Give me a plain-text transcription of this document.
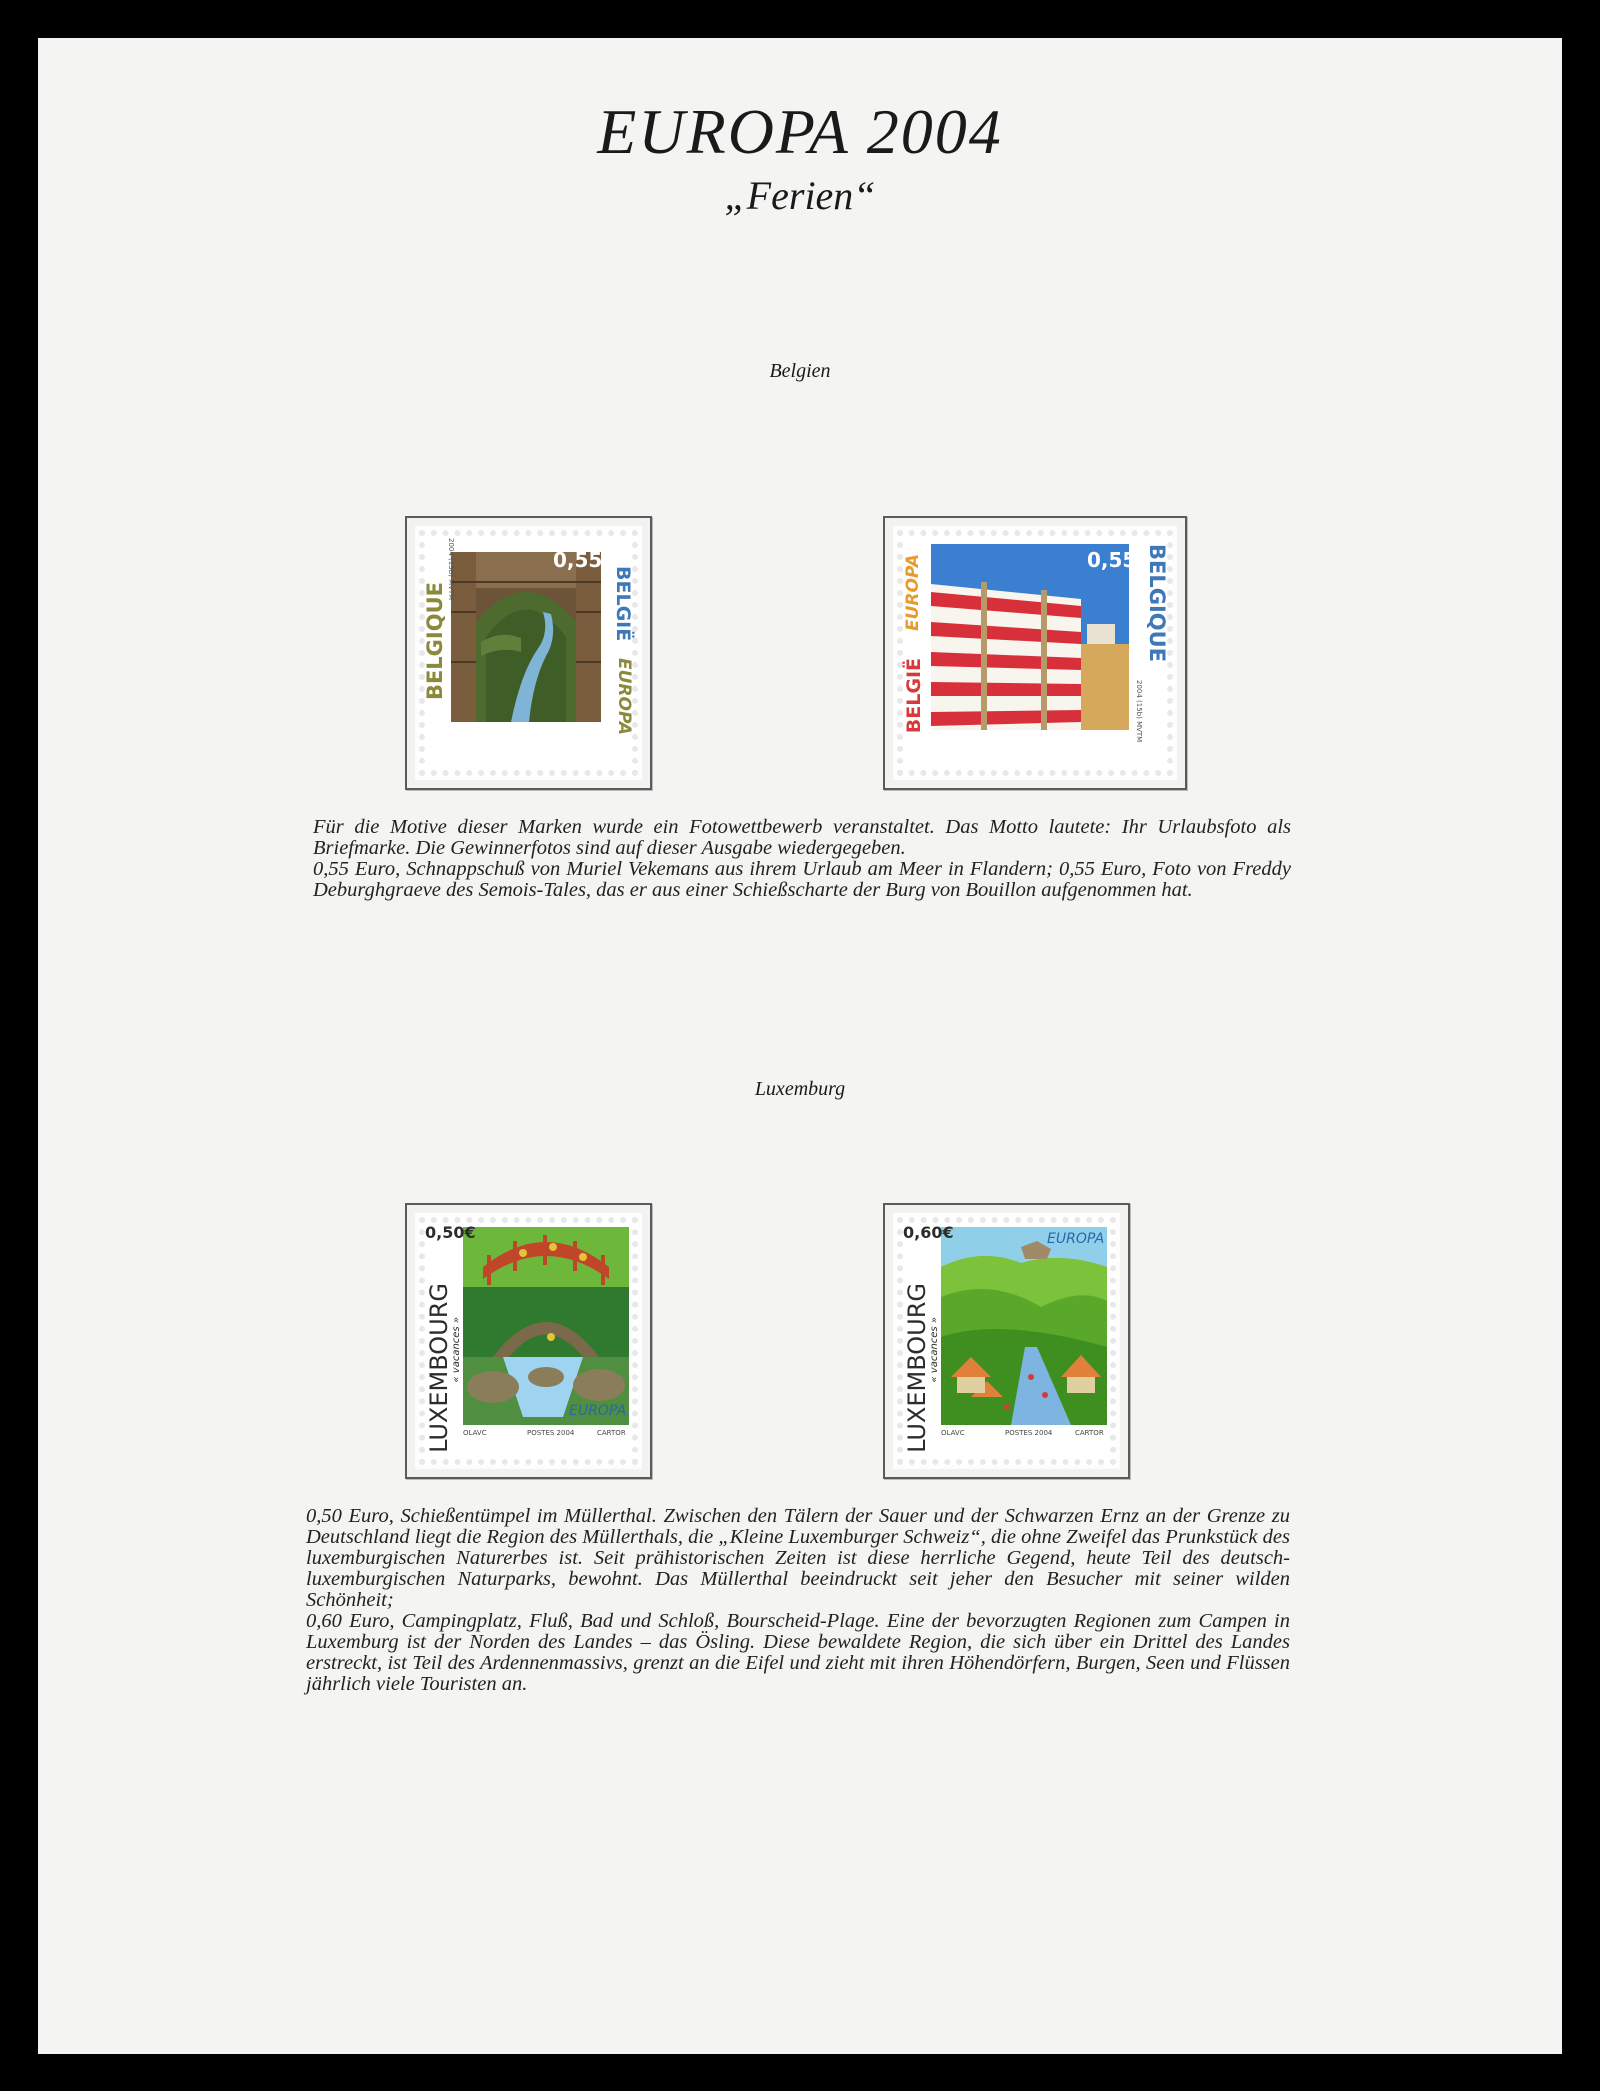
EUROPA 2004
„Ferien“
Belgien
BELGIQUE	BELGIË
EUROPA
0,55
2004 (15b) MVTM
BELGIË
EUROPA	BELGIQUE
0,55
2004 (15b) MVTM

Für die Motive dieser Marken wurde ein Fotowettbewerb veranstaltet. Das Motto lautete: Ihr Urlaubsfoto als Briefmarke. Die Gewinnerfotos sind auf dieser Ausgabe wiedergegeben.

0,55 Euro, Schnappschuß von Muriel Vekemans aus ihrem Urlaub am Meer in Flandern; 0,55 Euro, Foto von Freddy Deburghgraeve des Semois-Tales, das er aus einer Schießscharte der Burg von Bouillon aufgenommen hat.

Luxemburg
LUXEMBOURG
« vacances »
0,50€
EUROPA
OLAVC	POSTES 2004	CARTOR	LUXEMBOURG
« vacances »
0,60€	EUROPA
OLAVC	POSTES 2004	CARTOR

0,50 Euro, Schießentümpel im Müllerthal. Zwischen den Tälern der Sauer und der Schwarzen Ernz an der Grenze zu Deutschland liegt die Region des Müllerthals, die „Kleine Luxemburger Schweiz“, die ohne Zweifel das Prunkstück des luxemburgischen Naturerbes ist. Seit prähistorischen Zeiten ist diese herrliche Gegend, heute Teil des deutsch-luxemburgischen Naturparks, bewohnt. Das Müllerthal beeindruckt seit jeher den Besucher mit seiner wilden Schönheit;

0,60 Euro, Campingplatz, Fluß, Bad und Schloß, Bourscheid-Plage. Eine der bevorzugten Regionen zum Campen in Luxemburg ist der Norden des Landes – das Ösling. Diese bewaldete Region, die sich über ein Drittel des Landes erstreckt, ist Teil des Ardennenmassivs, grenzt an die Eifel und zieht mit ihren Höhendörfern, Burgen, Seen und Flüssen jährlich viele Touristen an.
